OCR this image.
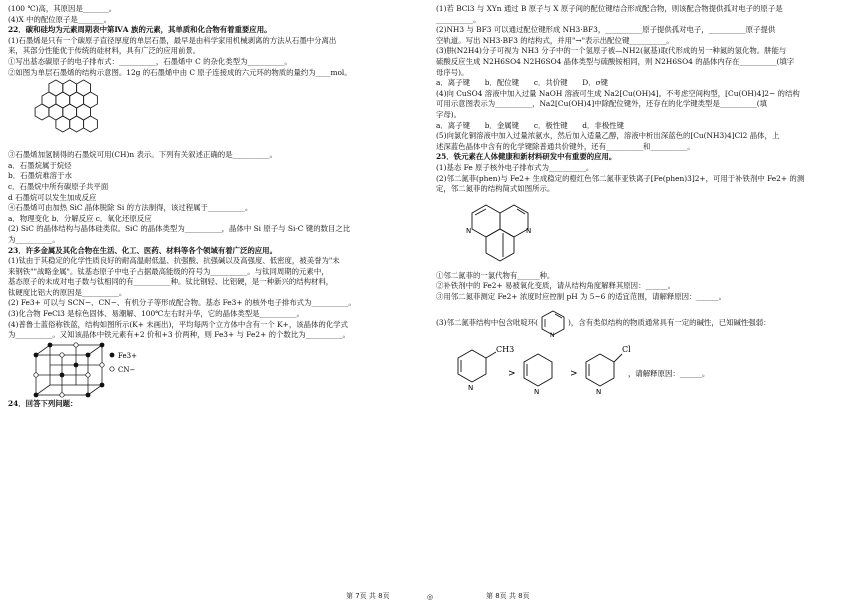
(100 ℃)高，其原因是_______。
(4)X 中的配位原子是_______。
22．碳和硅均为元素周期表中第ⅣA 族的元素，其单质和化合物有着重要应用。
(1)石墨烯是只有一个碳原子直径厚度的单层石墨，最早是由科学家用机械剥离的方法从石墨中分离出
来，其部分性能优于传统的硅材料，具有广泛的应用前景。
①写出基态碳原子的电子排布式：__________，石墨烯中 C 的杂化类型为__________。
②如图为单层石墨烯的结构示意图。12g 的石墨烯中由 C 原子连接成的六元环的物质的量约为____mol。
③石墨烯加氢制得的石墨烷可用(CH)n 表示。下列有关叙述正确的是__________。
a．石墨烷属于烷烃
b．石墨烷难溶于水
c．石墨烷中所有碳原子共平面
d 石墨烷可以发生加成反应
④石墨烯可由加热 SiC 晶体脱除 Si 的方法制得，该过程属于__________。
a．物理变化 b．分解反应 c．氧化还原反应
(2) SiC 的晶体结构与晶体硅类似。SiC 的晶体类型为__________，晶体中 Si 原子与 Si-C 键的数目之比
为__________。
23．许多金属及其化合物在生活、化工、医药、材料等各个领域有着广泛的应用。
(1)钛由于其稳定的化学性质良好的耐高温耐低温、抗强酸、抗强碱以及高强度、低密度，被美誉为"未
来钢铁""战略金属"。钛基态原子中电子占据最高能级的符号为__________。与钛同周期的元素中，
基态原子的未成对电子数与钛相同的有__________种。钛比钢轻、比铝硬，是一种新兴的结构材料，
钛硬度比铝大的原因是__________。
(2) Fe3+ 可以与 SCN−、CN−、有机分子等形成配合物。基态 Fe3+ 的核外电子排布式为__________。
(3)化合物 FeCl3 是棕色固体、易潮解、100℃左右时升华，它的晶体类型是__________。
(4)普鲁士蓝俗称铁蓝，结构如图所示(K+ 未画出)，平均每两个立方体中含有一个 K+，该晶体的化学式
为__________。又知该晶体中铁元素有+2 价和+3 价两种，则 Fe3+ 与 Fe2+ 的个数比为__________。
Fe3+
CN−
24．回答下列问题：
(1)若 BCl3 与 XYn 通过 B 原子与 X 原子间的配位键结合形成配合物，则该配合物提供孤对电子的原子是
__________。
(2)NH3 与 BF3 可以通过配位键形成 NH3·BF3，__________原子提供孤对电子，__________原子提供
空轨道。写出 NH3·BF3 的结构式，并用"→"表示出配位键__________。
(3)肼(N2H4)分子可视为 NH3 分子中的一个氢原子被—NH2(氨基)取代形成的另一种氮的氢化物。肼能与
硫酸反应生成 N2H6SO4 N2H6SO4 晶体类型与硫酸铵相同，则 N2H6SO4 的晶体内存在__________(填字
母序号)。
a．离子键　　b．配位键　　c．共价键　　D．σ键
(4)向 CuSO4 溶液中加入过量 NaOH 溶液可生成 Na2[Cu(OH)4]。不考虑空间构型，[Cu(OH)4]2− 的结构
可用示意图表示为__________，Na2[Cu(OH)4]中除配位键外，还存在的化学键类型是__________(填
字母)。
a．离子键　　b．金属键　　c．极性键　　d．非极性键
(5)向氯化铜溶液中加入过量浓氨水，然后加入适量乙醇，溶液中析出深蓝色的[Cu(NH3)4]Cl2 晶体，上
述深蓝色晶体中含有的化学键除普通共价键外，还有__________和__________。
25．铁元素在人体健康和新材料研发中有重要的应用。
(1)基态 Fe 原子核外电子排布式为__________。
(2)邻二氮菲(phen)与 Fe2+ 生成稳定的橙红色邻二氮菲亚铁离子[Fe(phen)3]2+，可用于补铁剂中 Fe2+ 的测
定，邻二氮菲的结构简式如图所示。
N	N
①邻二氮菲的一氯代物有______种。
②补铁剂中的 Fe2+ 易被氧化变质，请从结构角度解释其原因：______。
③用邻二氮菲测定 Fe2+ 浓度时应控制 pH 为 5~6 的适宜范围，请解释原因：______。
(3)邻二氮菲结构中包含吡啶环(
N
)，含有类似结构的物质通常具有一定的碱性，已知碱性强弱：
CH3
N
>
N
>
Cl
N
，请解释原因：______。
第 7页 共 8页	◎	第 8页 共 8页
